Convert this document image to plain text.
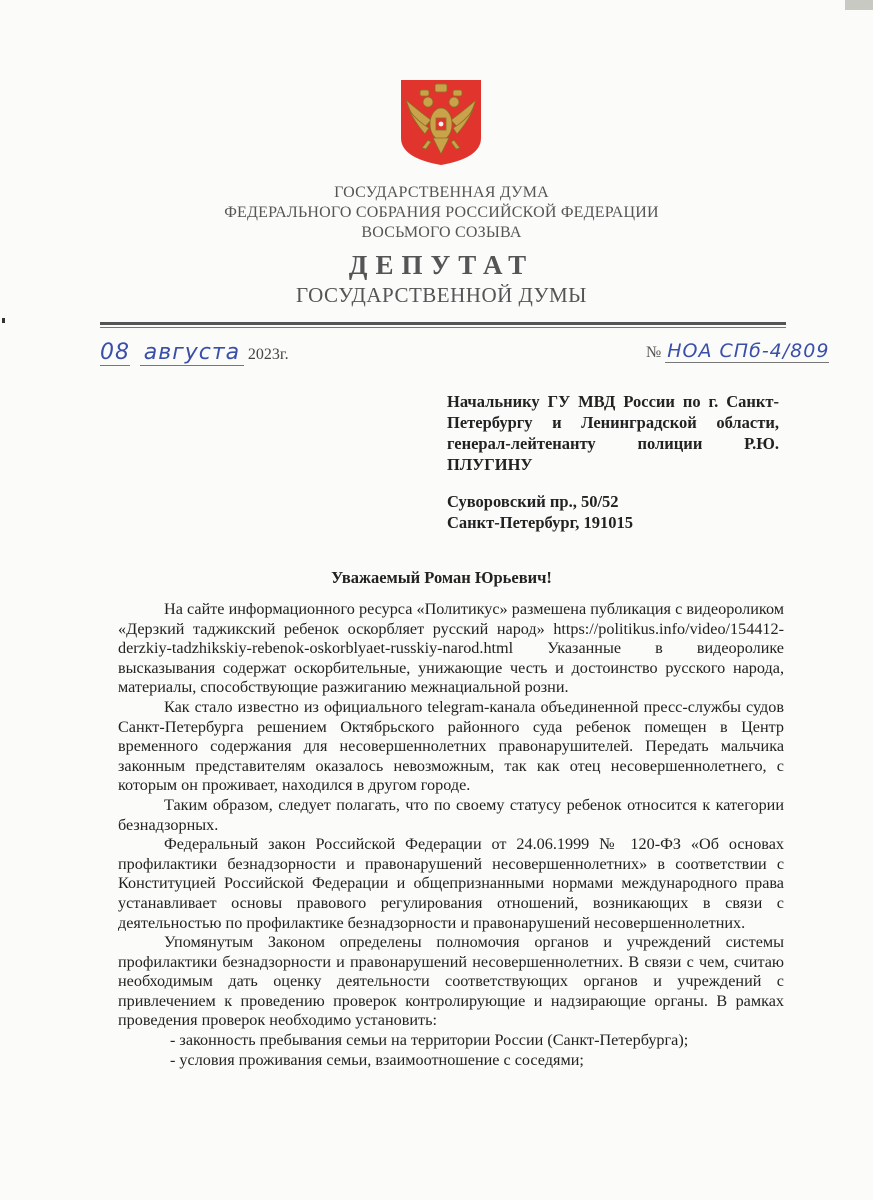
ГОСУДАРСТВЕННАЯ ДУМА
ФЕДЕРАЛЬНОГО СОБРАНИЯ РОССИЙСКОЙ ФЕДЕРАЦИИ
ВОСЬМОГО СОЗЫВА
ДЕПУТАТ
ГОСУДАРСТВЕННОЙ ДУМЫ
08 августа 2023г.	№ НОА СПб-4/809

Начальнику ГУ МВД России по г. Санкт-Петербургу и Ленинградской области, генерал-лейтенанту полиции Р.Ю. ПЛУГИНУ

Суворовский пр., 50/52

Санкт-Петербург, 191015

Уважаемый Роман Юрьевич!

На сайте информационного ресурса «Политикус» размешена публикация с видеороликом «Дерзкий таджикский ребенок оскорбляет русский народ» https://politikus.info/video/154412-derzkiy-tadzhikskiy-rebenok-oskorblyaet-russkiy-narod.html Указанные в видеоролике высказывания содержат оскорбительные, унижающие честь и достоинство русского народа, материалы, способствующие разжиганию межнациальной розни.

Как стало известно из официального telegram-канала объединенной пресс-службы судов Санкт-Петербурга решением Октябрьского районного суда ребенок помещен в Центр временного содержания для несовершеннолетних правонарушителей. Передать мальчика законным представителям оказалось невозможным, так как отец несовершеннолетнего, с которым он проживает, находился в другом городе.

Таким образом, следует полагать, что по своему статусу ребенок относится к категории безнадзорных.

Федеральный закон Российской Федерации от 24.06.1999 № 120-ФЗ «Об основах профилактики безнадзорности и правонарушений несовершеннолетних» в соответствии с Конституцией Российской Федерации и общепризнанными нормами международного права устанавливает основы правового регулирования отношений, возникающих в связи с деятельностью по профилактике безнадзорности и правонарушений несовершеннолетних.

Упомянутым Законом определены полномочия органов и учреждений системы профилактики безнадзорности и правонарушений несовершеннолетних. В связи с чем, считаю необходимым дать оценку деятельности соответствующих органов и учреждений с привлечением к проведению проверок контролирующие и надзирающие органы. В рамках проведения проверок необходимо установить:

- законность пребывания семьи на территории России (Санкт-Петербурга);

- условия проживания семьи, взаимоотношение с соседями;
